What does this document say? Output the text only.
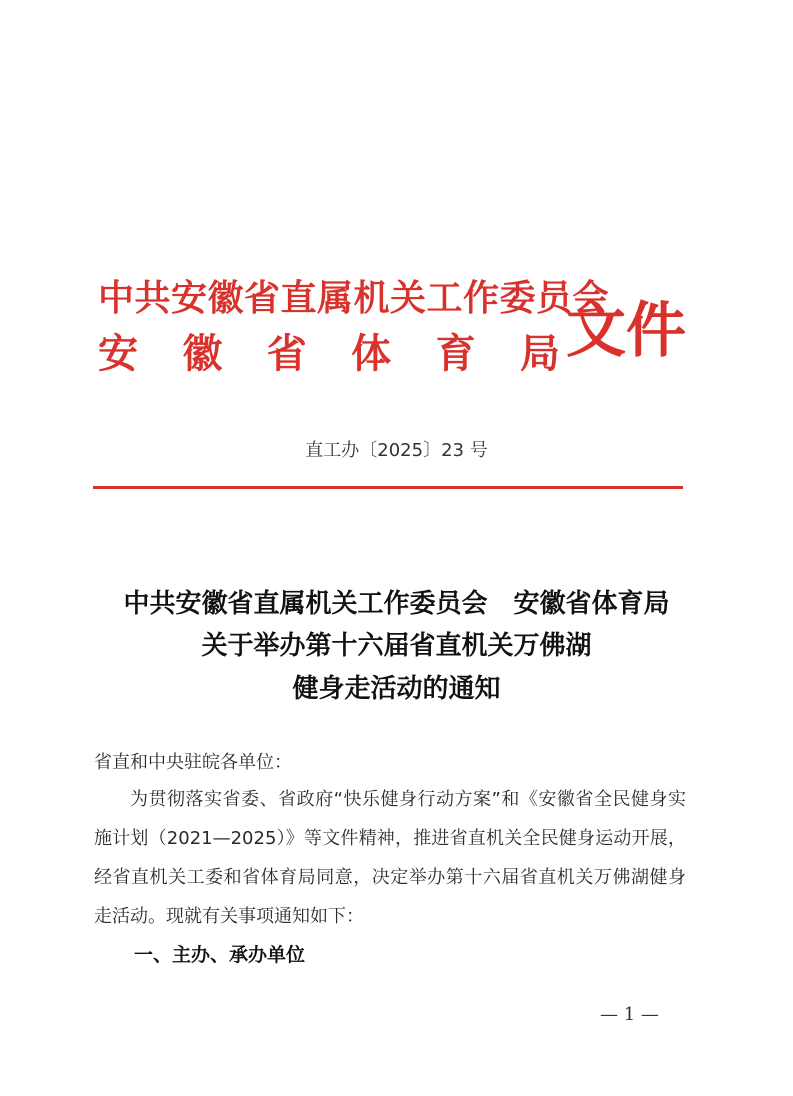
中共安徽省直属机关工作委员会
安 徽 省 体 育 局 文件
直工办〔2025〕23 号
中共安徽省直属机关工作委员会　安徽省体育局
关于举办第十六届省直机关万佛湖
健身走活动的通知
省直和中央驻皖各单位：

为贯彻落实省委、省政府“快乐健身行动方案”和《安徽省全民健身实施计划（2021—2025）》等文件精神，推进省直机关全民健身运动开展，经省直机关工委和省体育局同意，决定举办第十六届省直机关万佛湖健身走活动。现就有关事项通知如下：

一、主办、承办单位
— 1 —
